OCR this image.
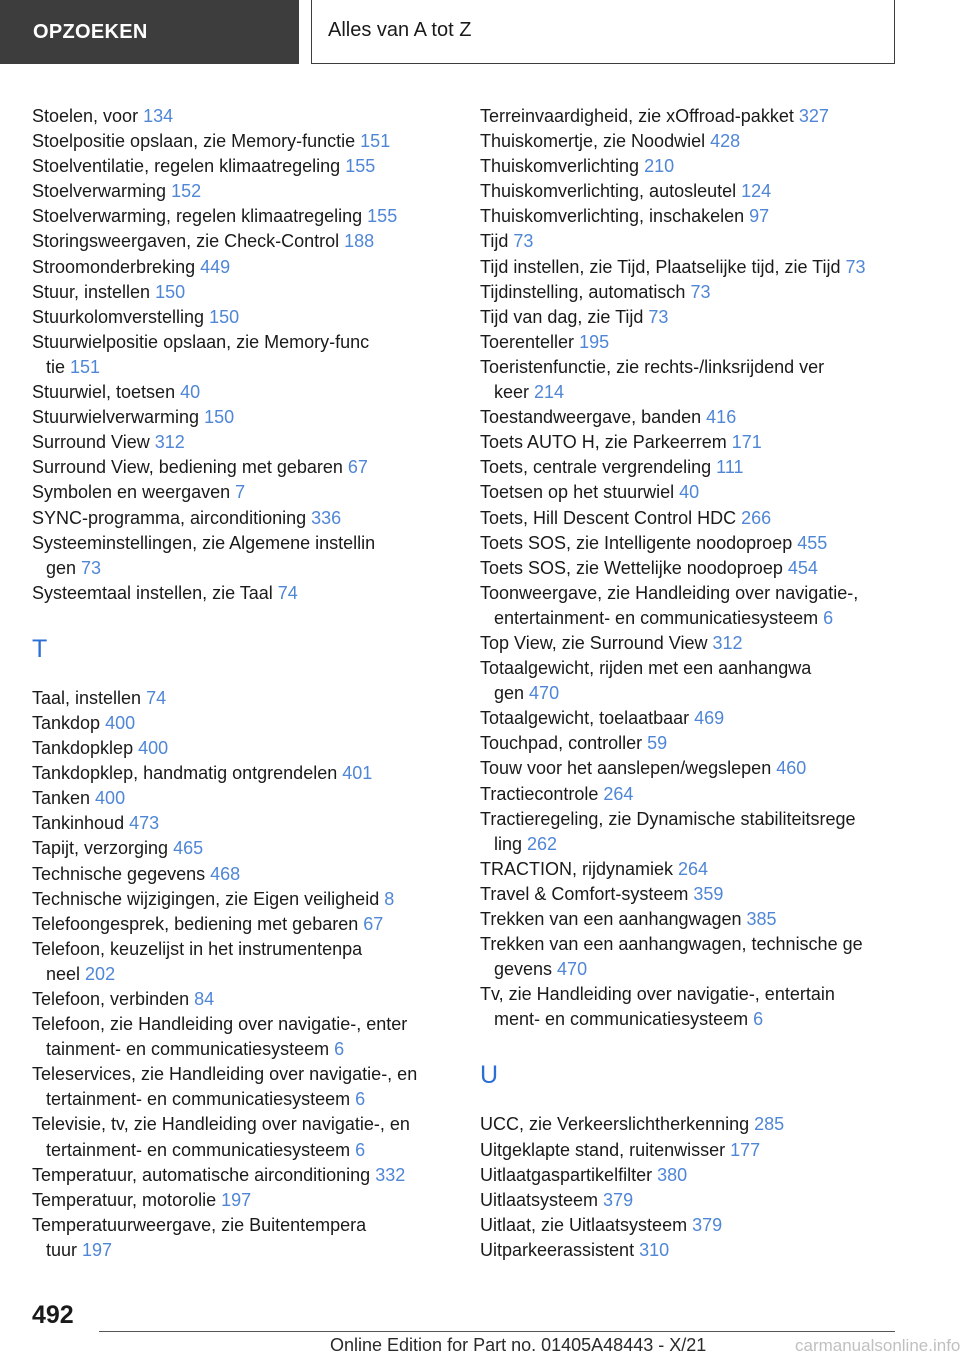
OPZOEKEN	Alles van A tot Z
Stoelen, voor 134
Stoelpositie opslaan, zie Memory-functie 151
Stoelventilatie, regelen klimaatregeling 155
Stoelverwarming 152
Stoelverwarming, regelen klimaatregeling 155
Storingsweergaven, zie Check-Control 188
Stroomonderbreking 449
Stuur, instellen 150
Stuurkolomverstelling 150
Stuurwielpositie opslaan, zie Memory-func
tie 151
Stuurwiel, toetsen 40
Stuurwielverwarming 150
Surround View 312
Surround View, bediening met gebaren 67
Symbolen en weergaven 7
SYNC-programma, airconditioning 336
Systeeminstellingen, zie Algemene instellin
gen 73
Systeemtaal instellen, zie Taal 74
T
Taal, instellen 74
Tankdop 400
Tankdopklep 400
Tankdopklep, handmatig ontgrendelen 401
Tanken 400
Tankinhoud 473
Tapijt, verzorging 465
Technische gegevens 468
Technische wijzigingen, zie Eigen veiligheid 8
Telefoongesprek, bediening met gebaren 67
Telefoon, keuzelijst in het instrumentenpa
neel 202
Telefoon, verbinden 84
Telefoon, zie Handleiding over navigatie-, enter
tainment- en communicatiesysteem 6
Teleservices, zie Handleiding over navigatie-, en
tertainment- en communicatiesysteem 6
Televisie, tv, zie Handleiding over navigatie-, en
tertainment- en communicatiesysteem 6
Temperatuur, automatische airconditioning 332
Temperatuur, motorolie 197
Temperatuurweergave, zie Buitentempera
tuur 197
Terreinvaardigheid, zie xOffroad-pakket 327
Thuiskomertje, zie Noodwiel 428
Thuiskomverlichting 210
Thuiskomverlichting, autosleutel 124
Thuiskomverlichting, inschakelen 97
Tijd 73
Tijd instellen, zie Tijd, Plaatselijke tijd, zie Tijd 73
Tijdinstelling, automatisch 73
Tijd van dag, zie Tijd 73
Toerenteller 195
Toeristenfunctie, zie rechts-/linksrijdend ver
keer 214
Toestandweergave, banden 416
Toets AUTO H, zie Parkeerrem 171
Toets, centrale vergrendeling 111
Toetsen op het stuurwiel 40
Toets, Hill Descent Control HDC 266
Toets SOS, zie Intelligente noodoproep 455
Toets SOS, zie Wettelijke noodoproep 454
Toonweergave, zie Handleiding over navigatie-,
entertainment- en communicatiesysteem 6
Top View, zie Surround View 312
Totaalgewicht, rijden met een aanhangwa
gen 470
Totaalgewicht, toelaatbaar 469
Touchpad, controller 59
Touw voor het aanslepen/wegslepen 460
Tractiecontrole 264
Tractieregeling, zie Dynamische stabiliteitsrege
ling 262
TRACTION, rijdynamiek 264
Travel & Comfort-systeem 359
Trekken van een aanhangwagen 385
Trekken van een aanhangwagen, technische ge
gevens 470
Tv, zie Handleiding over navigatie-, entertain
ment- en communicatiesysteem 6
U
UCC, zie Verkeerslichtherkenning 285
Uitgeklapte stand, ruitenwisser 177
Uitlaatgaspartikelfilter 380
Uitlaatsysteem 379
Uitlaat, zie Uitlaatsysteem 379
Uitparkeerassistent 310
492
Online Edition for Part no. 01405A48443 - X/21	carmanualsonline.info
